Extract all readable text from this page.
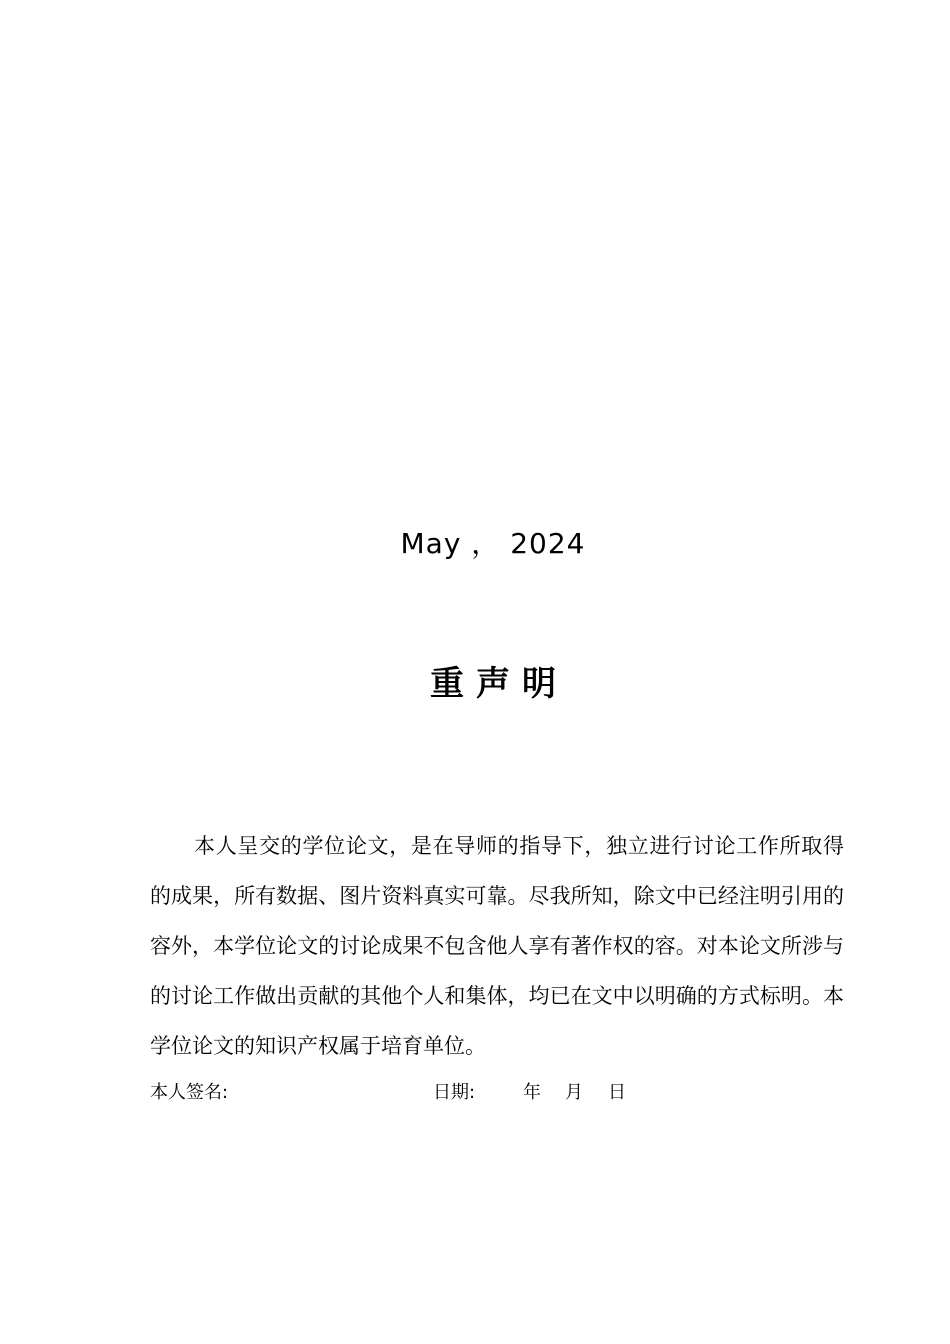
May ， 2024
重声明

本人呈交的学位论文，是在导师的指导下，独立进行讨论工作所取得的成果，所有数据、图片资料真实可靠。尽我所知，除文中已经注明引用的容外，本学位论文的讨论成果不包含他人享有著作权的容。对本论文所涉与的讨论工作做出贡献的其他个人和集体，均已在文中以明确的方式标明。本学位论文的知识产权属于培育单位。

本人签名:	日期:	年 月 日
